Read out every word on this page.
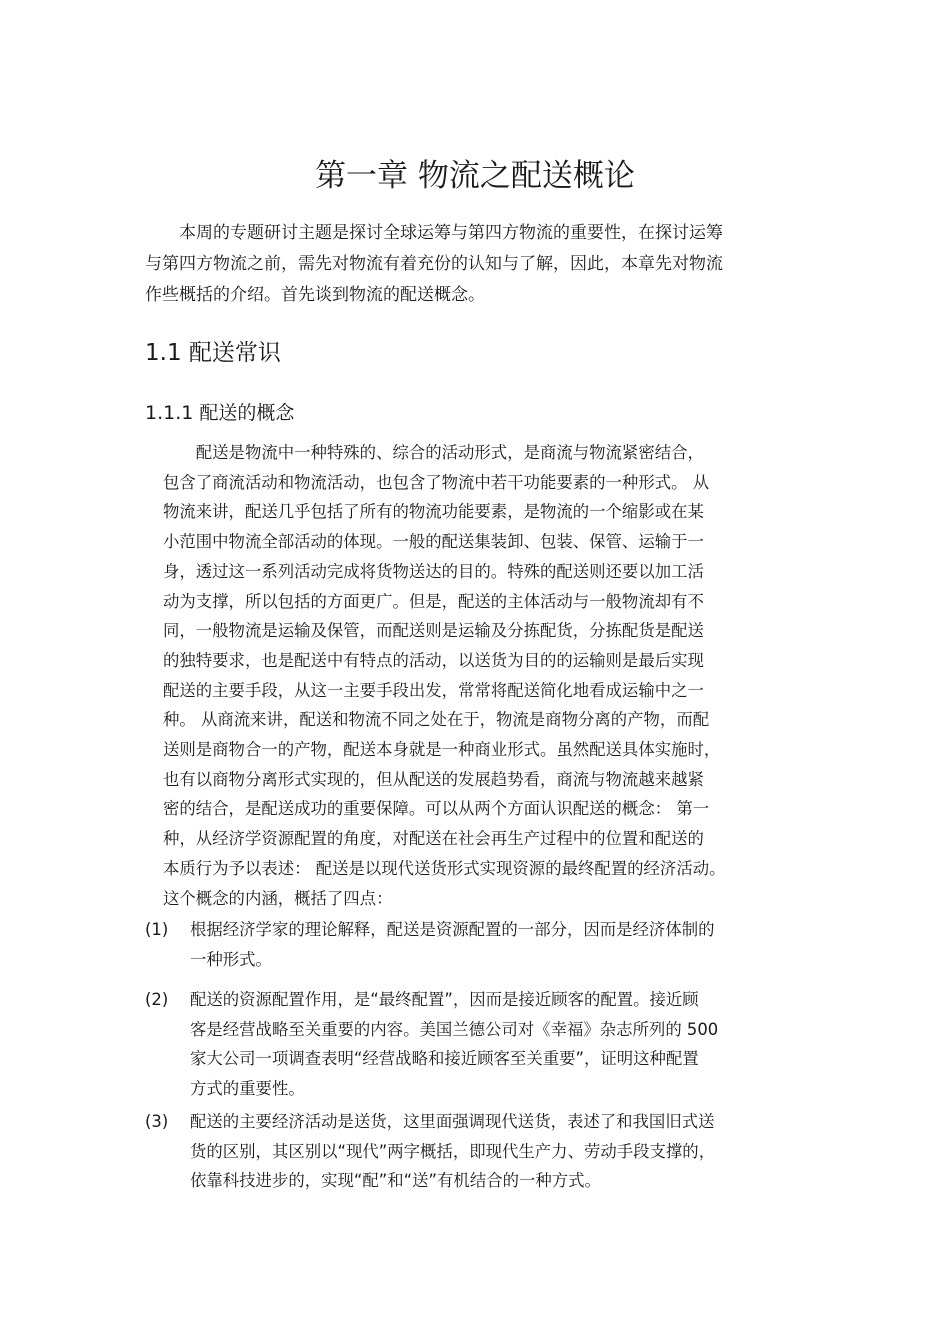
第一章 物流之配送概论

　　本周的专题研讨主题是探讨全球运筹与第四方物流的重要性，在探讨运筹
与第四方物流之前，需先对物流有着充份的认知与了解，因此，本章先对物流
作些概括的介绍。首先谈到物流的配送概念。

1.1 配送常识
1.1.1 配送的概念

　　配送是物流中一种特殊的、综合的活动形式，是商流与物流紧密结合，
包含了商流活动和物流活动，也包含了物流中若干功能要素的一种形式。 从
物流来讲，配送几乎包括了所有的物流功能要素，是物流的一个缩影或在某
小范围中物流全部活动的体现。一般的配送集装卸、包装、保管、运输于一
身，透过这一系列活动完成将货物送达的目的。特殊的配送则还要以加工活
动为支撑，所以包括的方面更广。但是，配送的主体活动与一般物流却有不
同，一般物流是运输及保管，而配送则是运输及分拣配货，分拣配货是配送
的独特要求，也是配送中有特点的活动，以送货为目的的运输则是最后实现
配送的主要手段，从这一主要手段出发，常常将配送简化地看成运输中之一
种。 从商流来讲，配送和物流不同之处在于，物流是商物分离的产物，而配
送则是商物合一的产物，配送本身就是一种商业形式。虽然配送具体实施时，
也有以商物分离形式实现的，但从配送的发展趋势看，商流与物流越来越紧
密的结合，是配送成功的重要保障。可以从两个方面认识配送的概念： 第一
种，从经济学资源配置的角度，对配送在社会再生产过程中的位置和配送的
本质行为予以表述： 配送是以现代送货形式实现资源的最终配置的经济活动。
这个概念的内涵，概括了四点：

(1) 根据经济学家的理论解释，配送是资源配置的一部分，因而是经济体制的
一种形式。
(2) 配送的资源配置作用，是“最终配置”，因而是接近顾客的配置。接近顾
客是经营战略至关重要的内容。美国兰德公司对《幸福》杂志所列的 500
家大公司一项调查表明“经营战略和接近顾客至关重要”，证明这种配置
方式的重要性。
(3) 配送的主要经济活动是送货，这里面强调现代送货，表述了和我国旧式送
货的区别，其区别以“现代”两字概括，即现代生产力、劳动手段支撑的，
依靠科技进步的，实现“配”和“送”有机结合的一种方式。
